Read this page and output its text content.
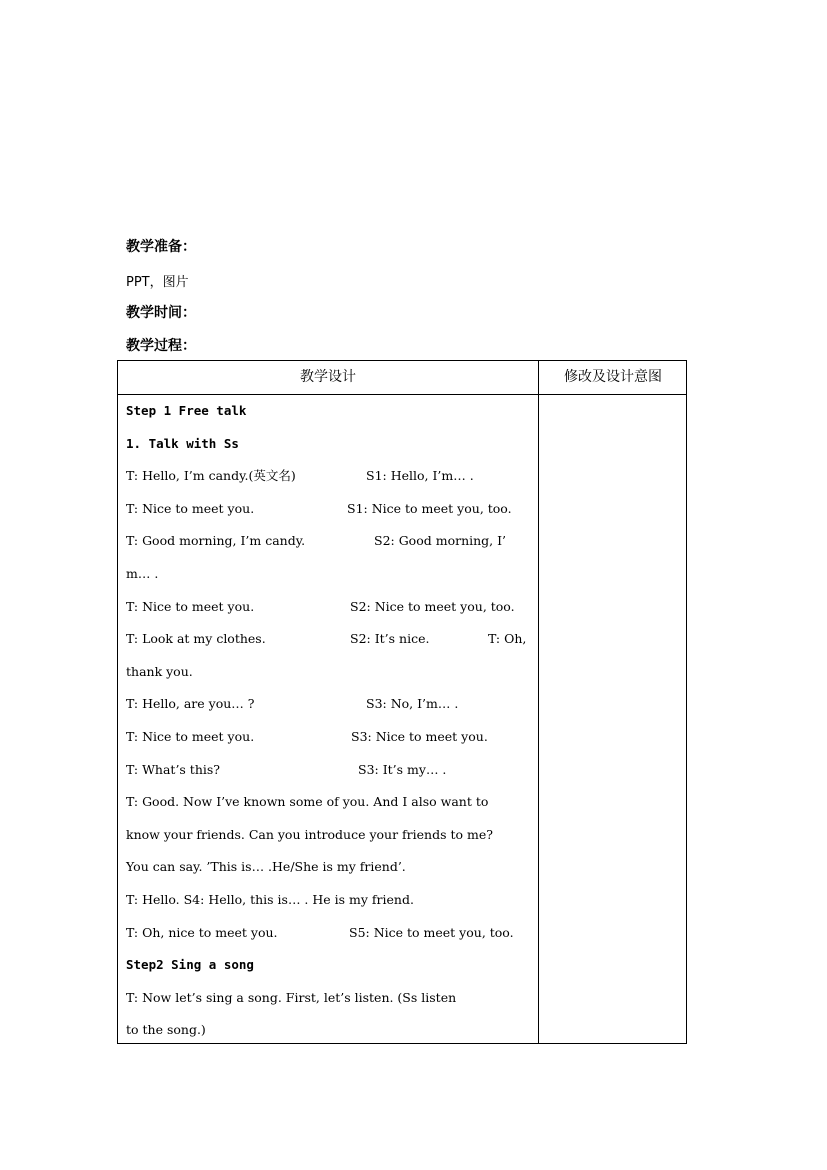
教学准备：
PPT，图片
教学时间：
教学过程：
教学设计	修改及设计意图
Step 1 Free talk
1. Talk with Ss
T: Hello, I’m candy.(英文名)	S1: Hello, I’m… .
T: Nice to meet you.	S1: Nice to meet you, too.
T: Good morning, I’m candy.	S2: Good morning, I’
m… .
T: Nice to meet you.	S2: Nice to meet you, too.
T: Look at my clothes.	S2: It’s nice.	T: Oh,
thank you.
T: Hello, are you… ?	S3: No, I’m… .
T: Nice to meet you.	S3: Nice to meet you.
T: What’s this?	S3: It’s my… .
T: Good. Now I’ve known some of you. And I also want to
know your friends. Can you introduce your friends to me?
You can say. ’This is… .He/She is my friend’.
T: Hello. S4: Hello, this is… . He is my friend.
T: Oh, nice to meet you.	S5: Nice to meet you, too.
Step2 Sing a song
T: Now let’s sing a song. First, let’s listen. (Ss listen
to the song.)
